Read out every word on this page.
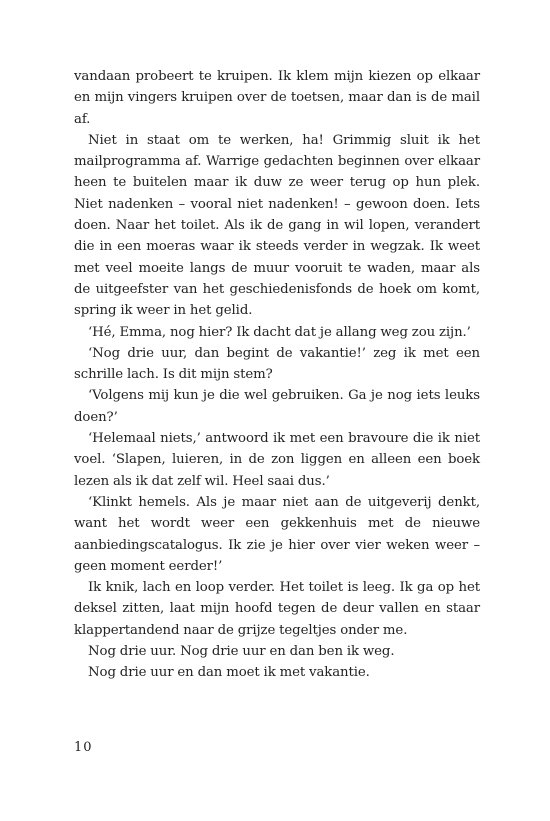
vandaan probeert te kruipen. Ik klem mijn kiezen op elkaar en mijn vingers kruipen over de toetsen, maar dan is de mail af.

Niet in staat om te werken, ha! Grimmig sluit ik het mailprogramma af. Warrige gedachten beginnen over elkaar heen te buitelen maar ik duw ze weer terug op hun plek. Niet nadenken – vooral niet nadenken! – gewoon doen. Iets doen. Naar het toilet. Als ik de gang in wil lopen, verandert die in een moeras waar ik steeds verder in wegzak. Ik weet met veel moeite langs de muur vooruit te waden, maar als de uitgeefster van het geschiedenisfonds de hoek om komt, spring ik weer in het gelid.

‘Hé, Emma, nog hier? Ik dacht dat je allang weg zou zijn.’

‘Nog drie uur, dan begint de vakantie!’ zeg ik met een schrille lach. Is dit mijn stem?

‘Volgens mij kun je die wel gebruiken. Ga je nog iets leuks doen?’

‘Helemaal niets,’ antwoord ik met een bravoure die ik niet voel. ‘Slapen, luieren, in de zon liggen en alleen een boek lezen als ik dat zelf wil. Heel saai dus.’

‘Klinkt hemels. Als je maar niet aan de uitgeverij denkt, want het wordt weer een gekkenhuis met de nieuwe aanbiedingscatalogus. Ik zie je hier over vier weken weer – geen moment eerder!’

Ik knik, lach en loop verder. Het toilet is leeg. Ik ga op het deksel zitten, laat mijn hoofd tegen de deur vallen en staar klappertandend naar de grijze tegeltjes onder me.

Nog drie uur. Nog drie uur en dan ben ik weg.

Nog drie uur en dan moet ik met vakantie.

10
